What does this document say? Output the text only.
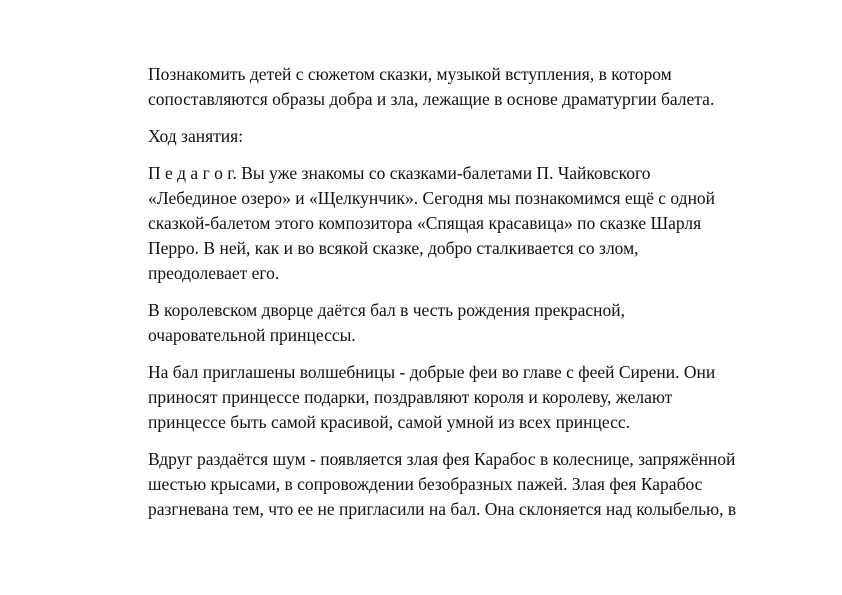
Познакомить детей с сюжетом сказки, музыкой вступления, в котором
сопоставляются образы добра и зла, лежащие в основе драматургии балета.

Ход занятия:

П е д а г о г. Вы уже знакомы со сказками-балетами П. Чайковского
«Лебединое озеро» и «Щелкунчик». Сегодня мы познакомимся ещё с одной
сказкой-балетом этого композитора «Спящая красавица» по сказке Шарля
Перро. В ней, как и во всякой сказке, добро сталкивается со злом,
преодолевает его.

В королевском дворце даётся бал в честь рождения прекрасной,
очаровательной принцессы.

На бал приглашены волшебницы - добрые феи во главе с феей Сирени. Они
приносят принцессе подарки, поздравляют короля и королеву, желают
принцессе быть самой красивой, самой умной из всех принцесс.

Вдруг раздаётся шум - появляется злая фея Карабос в колеснице, запряжённой
шестью крысами, в сопровождении безобразных пажей. Злая фея Карабос
разгневана тем, что ее не пригласили на бал. Она склоняется над колыбелью, в
